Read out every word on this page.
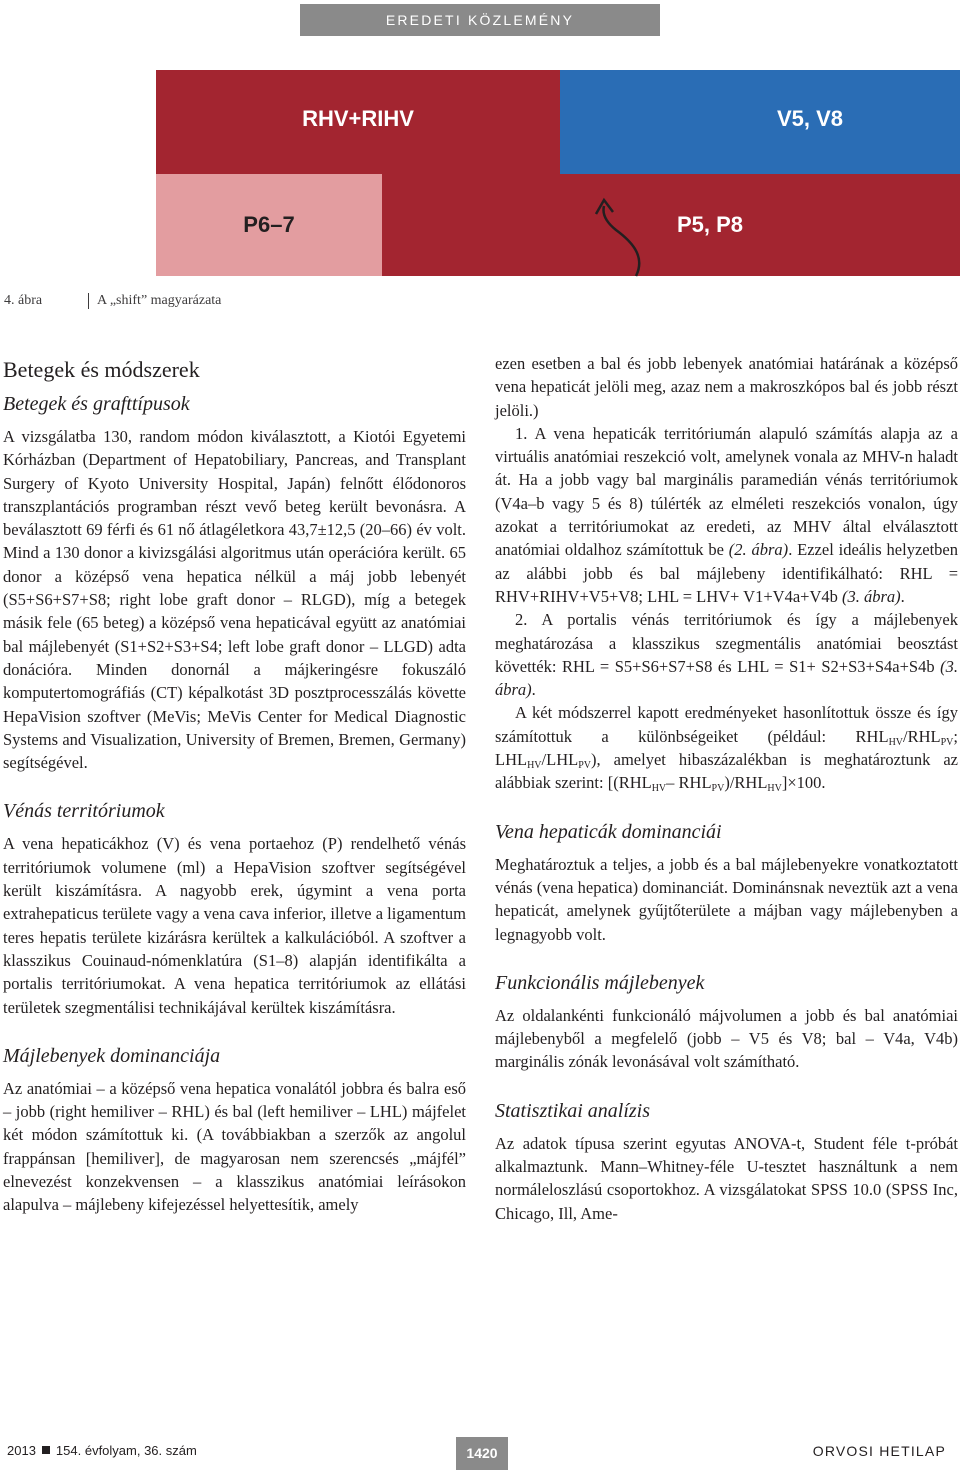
EREDETI KÖZLEMÉNY
RHV+RIHV	V5, V8
P6–7	P5, P8
4. ábra	A „shift” magyarázata
Betegek és módszerek
Betegek és grafttípusok

A vizsgálatba 130, random módon kiválasztott, a Kiotói Egyetemi Kórházban (Department of Hepatobiliary, Pancreas, and Transplant Surgery of Kyoto University Hospital, Japán) felnőtt élődonoros transzplantációs programban részt vevő beteg került bevonásra. A beválasztott 69 férfi és 61 nő átlagéletkora 43,7±12,5 (20–66) év volt. Mind a 130 donor a kivizsgálási algoritmus után operációra került. 65 donor a középső vena hepatica nélkül a máj jobb lebenyét (S5+S6+S7+S8; right lobe graft donor – RLGD), míg a betegek másik fele (65 beteg) a középső vena hepaticával együtt az anatómiai bal májlebenyét (S1+S2+S3+S4; left lobe graft donor – LLGD) adta donációra. Minden donornál a májkeringésre fokuszáló komputertomográfiás (CT) képalkotást 3D posztprocesszálás követte HepaVision szoftver (MeVis; MeVis Center for Medical Diagnostic Systems and Visualization, University of Bremen, Bremen, Germany) segítségével.

Vénás territóriumok

A vena hepaticákhoz (V) és vena portaehoz (P) rendelhető vénás territóriumok volumene (ml) a HepaVision szoftver segítségével került kiszámításra. A nagyobb erek, úgymint a vena porta extrahepaticus területe vagy a vena cava inferior, illetve a ligamentum teres hepatis területe kizárásra kerültek a kalkulációból. A szoftver a klasszikus Couinaud-nómenklatúra (S1–8) alapján identifikálta a portalis territóriumokat. A vena hepatica territóriumok az ellátási területek szegmentálisi technikájával kerültek kiszámításra.

Májlebenyek dominanciája

Az anatómiai – a középső vena hepatica vonalától jobbra és balra eső – jobb (right hemiliver – RHL) és bal (left hemiliver – LHL) májfelet két módon számítottuk ki. (A továbbiakban a szerzők az angolul frappánsan [hemiliver], de magyarosan nem szerencsés „májfél” elnevezést konzekvensen – a klasszikus anatómiai leírásokon alapulva – májlebeny kifejezéssel helyettesítik, amely

ezen esetben a bal és jobb lebenyek anatómiai határának a középső vena hepaticát jelöli meg, azaz nem a makroszkópos bal és jobb részt jelöli.)

1. A vena hepaticák territóriumán alapuló számítás alapja az a virtuális anatómiai reszekció volt, amelynek vonala az MHV-n haladt át. Ha a jobb vagy bal marginális paramedián vénás territóriumok (V4a–b vagy 5 és 8) túlérték az elméleti reszekciós vonalon, úgy azokat a territóriumokat az eredeti, az MHV által elválasztott anatómiai oldalhoz számítottuk be (2. ábra). Ezzel ideális helyzetben az alábbi jobb és bal májlebeny identifikálható: RHL = RHV+RIHV+V5+V8; LHL = LHV+ V1+V4a+V4b (3. ábra).

2. A portalis vénás territóriumok és így a májlebenyek meghatározása a klasszikus szegmentális anatómiai beosztást követték: RHL = S5+S6+S7+S8 és LHL = S1+ S2+S3+S4a+S4b (3. ábra).

A két módszerrel kapott eredményeket hasonlítottuk össze és így számítottuk a különbségeiket (például: $RHL_{HV}/RHL_{PV}$; $LHL_{HV}/LHL_{PV}$), amelyet hibaszázalékban is meghatároztunk az alábbiak szerint: [($RHL_{HV}-$ $RHL_{PV})/RHL_{HV}]\times 100$.

Vena hepaticák dominanciái

Meghatároztuk a teljes, a jobb és a bal májlebenyekre vonatkoztatott vénás (vena hepatica) dominanciát. Dominánsnak neveztük azt a vena hepaticát, amelynek gyűjtőterülete a májban vagy májlebenyben a legnagyobb volt.

Funkcionális májlebenyek

Az oldalankénti funkcionáló májvolumen a jobb és bal anatómiai májlebenyből a megfelelő (jobb – V5 és V8; bal – V4a, V4b) marginális zónák levonásával volt számítható.

Statisztikai analízis

Az adatok típusa szerint egyutas ANOVA-t, Student féle t-próbát alkalmaztunk. Mann–Whitney-féle U-tesztet használtunk a nem normáleloszlású csoportokhoz. A vizsgálatokat SPSS 10.0 (SPSS Inc, Chicago, Ill, Ame-

2013 154. évfolyam, 36. szám	1420	ORVOSI HETILAP
